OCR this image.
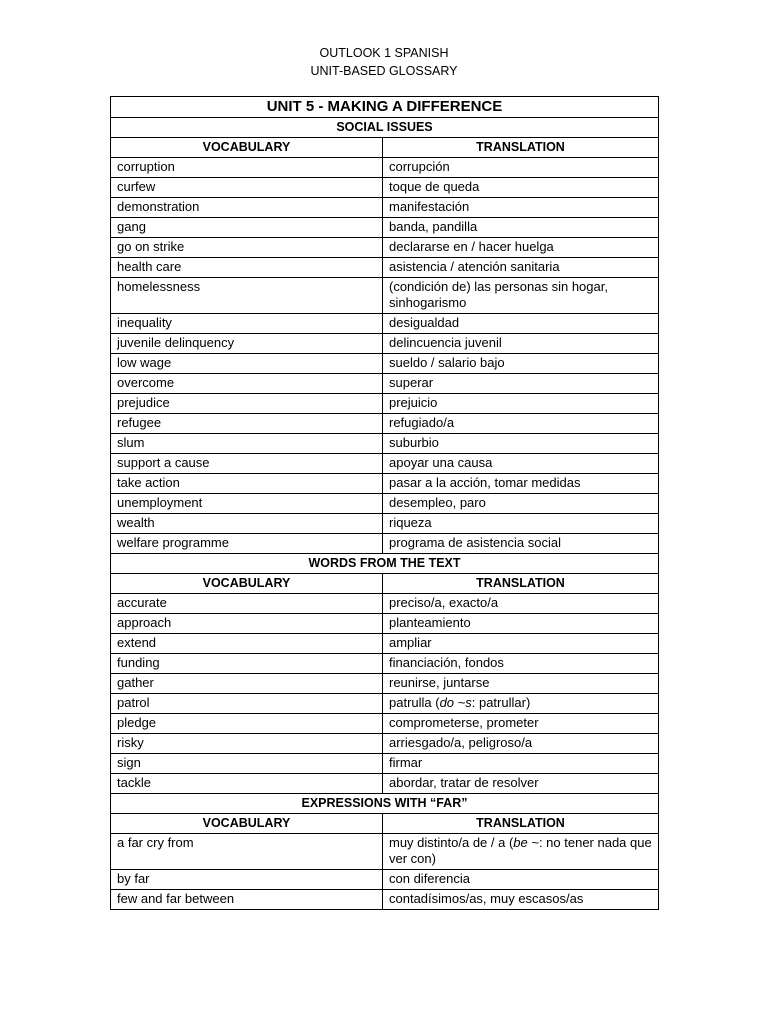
OUTLOOK 1 SPANISH
UNIT-BASED GLOSSARY
UNIT 5 - MAKING A DIFFERENCE	
SOCIAL ISSUES	
VOCABULARY	TRANSLATION
corruption	corrupción
curfew	toque de queda
demonstration	manifestación
gang	banda, pandilla
go on strike	declararse en / hacer huelga
health care	asistencia / atención sanitaria
homelessness	(condición de) las personas sin hogar, sinhogarismo
inequality	desigualdad
juvenile delinquency	delincuencia juvenil
low wage	sueldo / salario bajo
overcome	superar
prejudice	prejuicio
refugee	refugiado/a
slum	suburbio
support a cause	apoyar una causa
take action	pasar a la acción, tomar medidas
unemployment	desempleo, paro
wealth	riqueza
welfare programme	programa de asistencia social
WORDS FROM THE TEXT	
VOCABULARY	TRANSLATION
accurate	preciso/a, exacto/a
approach	planteamiento
extend	ampliar
funding	financiación, fondos
gather	reunirse, juntarse
patrol	patrulla (do ~s: patrullar)
pledge	comprometerse, prometer
risky	arriesgado/a, peligroso/a
sign	firmar
tackle	abordar, tratar de resolver
EXPRESSIONS WITH “FAR”	
VOCABULARY	TRANSLATION
a far cry from	muy distinto/a de / a (be ~: no tener nada que ver con)
by far	con diferencia
few and far between	contadísimos/as, muy escasos/as
